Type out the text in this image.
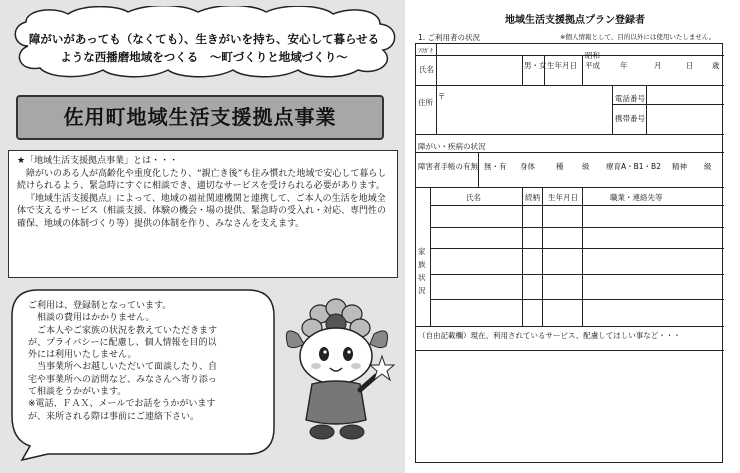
障がいがあっても（なくても）、生きがいを持ち、安心して暮らせる
ような西播磨地域をつくる　～町づくりと地域づくり～
佐用町地域生活支援拠点事業

★「地域生活支援拠点事業」とは・・・

障がいのある人が高齢化や重度化したり、“親亡き後”も住み慣れた地域で安心して暮らし続けられるよう、緊急時にすぐに相談でき、適切なサービスを受けられる必要があります。

『地域生活支援拠点』によって、地域の福祉関連機関と連携して、ご本人の生活を地域全体で支えるサービス（相談支援、体験の機会・場の提供、緊急時の受入れ・対応、専門性の確保、地域の体制づくり等）提供の体制を作り、みなさんを支えます。

ご利用は、登録制となっています。

相談の費用はかかりません。

ご本人やご家族の状況を教えていただきます

が、プライバシーに配慮し、個人情報を目的以

外には利用いたしません。

当事業所へお越しいただいて面談したり、自

宅や事業所への訪問など、みなさんへ寄り添っ

て相談をうかがいます。

※電話、ＦＡＸ、メールでお話をうかがいます

が、来所される際は事前にご連絡下さい。

地域生活支援拠点プラン登録者
1. ご利用者の状況	※個人情報として、目的以外には使用いたしません。
ﾌﾘｶﾞﾅ
氏名	男・女 生年月日
昭和
平成	年	月	日 歳
住所
〒	電話番号
携帯番号
障がい・疾病の状況
障害者手帳の有無 無・有 身体	種 級 療育A・B1・B2 精神 級
氏名	続柄 生年月日	職業・連絡先等
家族状況
（自由記載欄）現在、利用されているサービス、配慮してほしい事など・・・
